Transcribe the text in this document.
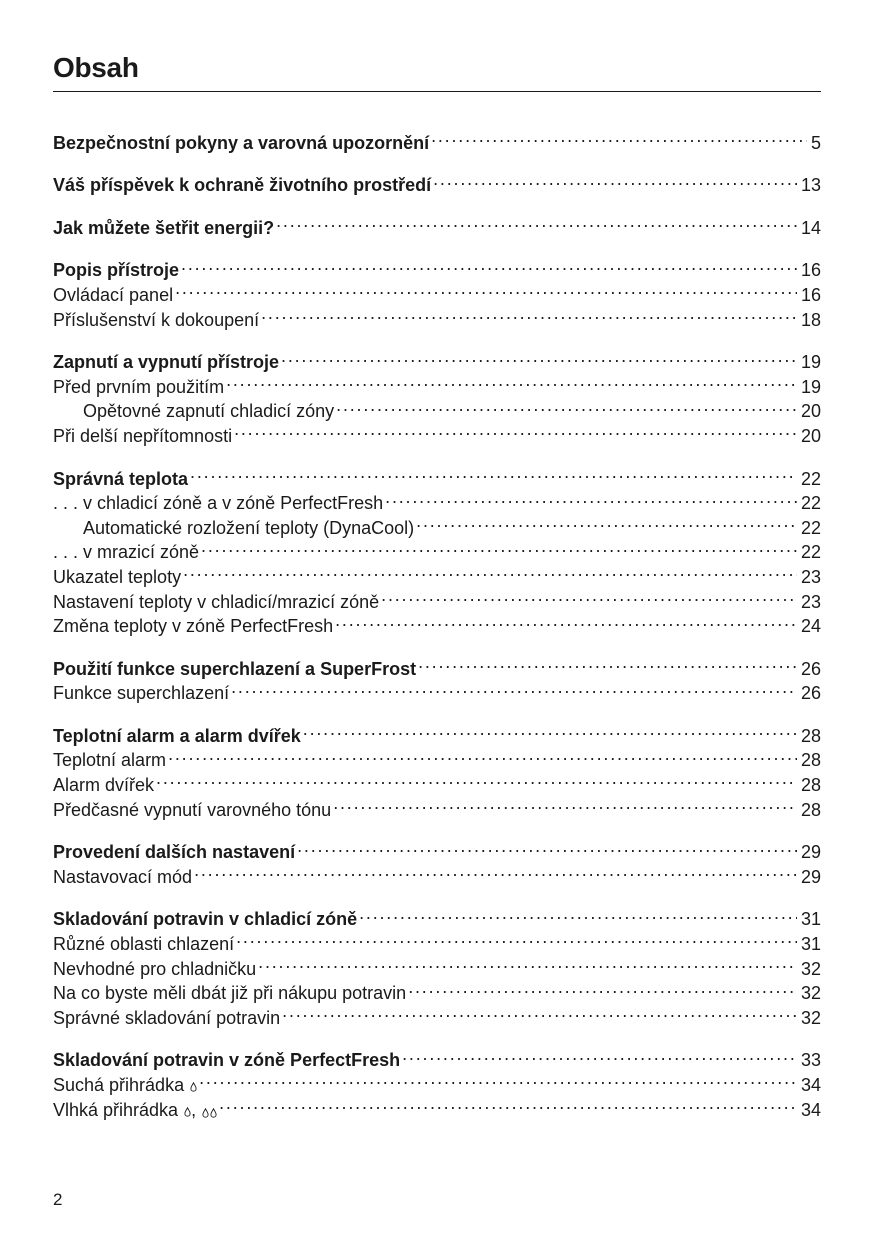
Obsah
Bezpečnostní pokyny a varovná upozornění . . .	5
Váš příspěvek k ochraně životního prostředí . . .	13
Jak můžete šetřit energii? . . .	14
Popis přístroje . . .	16
Ovládací panel . . .	16
Příslušenství k dokoupení . . .	18
Zapnutí a vypnutí přístroje . . .	19
Před prvním použitím . . .	19
Opětovné zapnutí chladicí zóny . . .	20
Při delší nepřítomnosti . . .	20
Správná teplota . . .	22
. . . v chladicí zóně a v zóně PerfectFresh . . .	22
Automatické rozložení teploty (DynaCool) . . .	22
. . . v mrazicí zóně . . .	22
Ukazatel teploty . . .	23
Nastavení teploty v chladicí/mrazicí zóně . . .	23
Změna teploty v zóně PerfectFresh . . .	24
Použití funkce superchlazení a SuperFrost . . .	26
Funkce superchlazení . . .	26
Teplotní alarm a alarm dvířek . . .	28
Teplotní alarm . . .	28
Alarm dvířek . . .	28
Předčasné vypnutí varovného tónu . . .	28
Provedení dalších nastavení . . .	29
Nastavovací mód . . .	29
Skladování potravin v chladicí zóně . . .	31
Různé oblasti chlazení . . .	31
Nevhodné pro chladničku . . .	32
Na co byste měli dbát již při nákupu potravin . . .	32
Správné skladování potravin . . .	32
Skladování potravin v zóně PerfectFresh . . .	33
Suchá přihrádka . . .	34
Vlhká přihrádka , . . .	34
2
